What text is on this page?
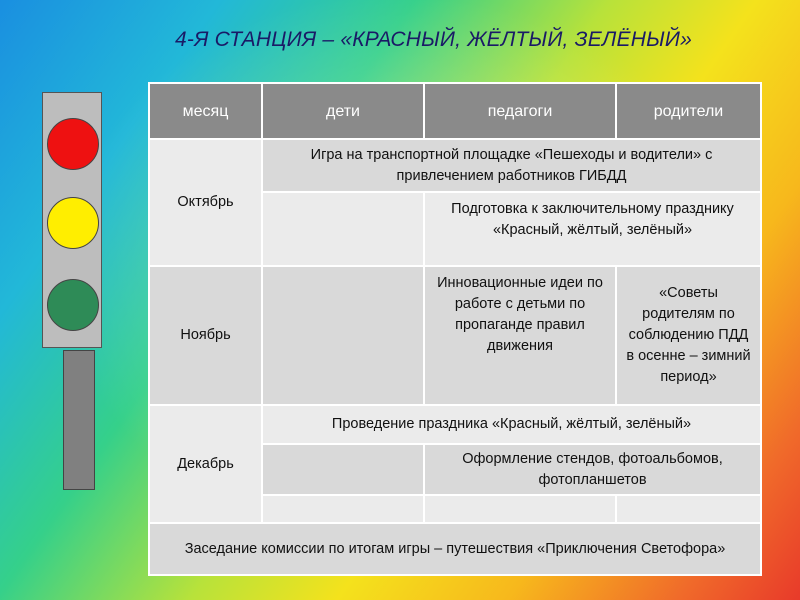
4-Я СТАНЦИЯ – «КРАСНЫЙ, ЖЁЛТЫЙ, ЗЕЛЁНЫЙ»
месяц	дети	педагоги	родители
Октябрь	Игра на транспортной площадке «Пешеходы и водители» с привлечением работников ГИБДД		
		Подготовка к заключительному празднику «Красный, жёлтый, зелёный»	
Ноябрь		Инновационные идеи по работе с детьми по пропаганде правил движения	«Советы родителям по соблюдению ПДД в осенне – зимний период»
Декабрь	Проведение праздника «Красный, жёлтый, зелёный»		
		Оформление стендов, фотоальбомов, фотопланшетов	

Заседание комиссии по итогам игры – путешествия «Приключения Светофора»			
